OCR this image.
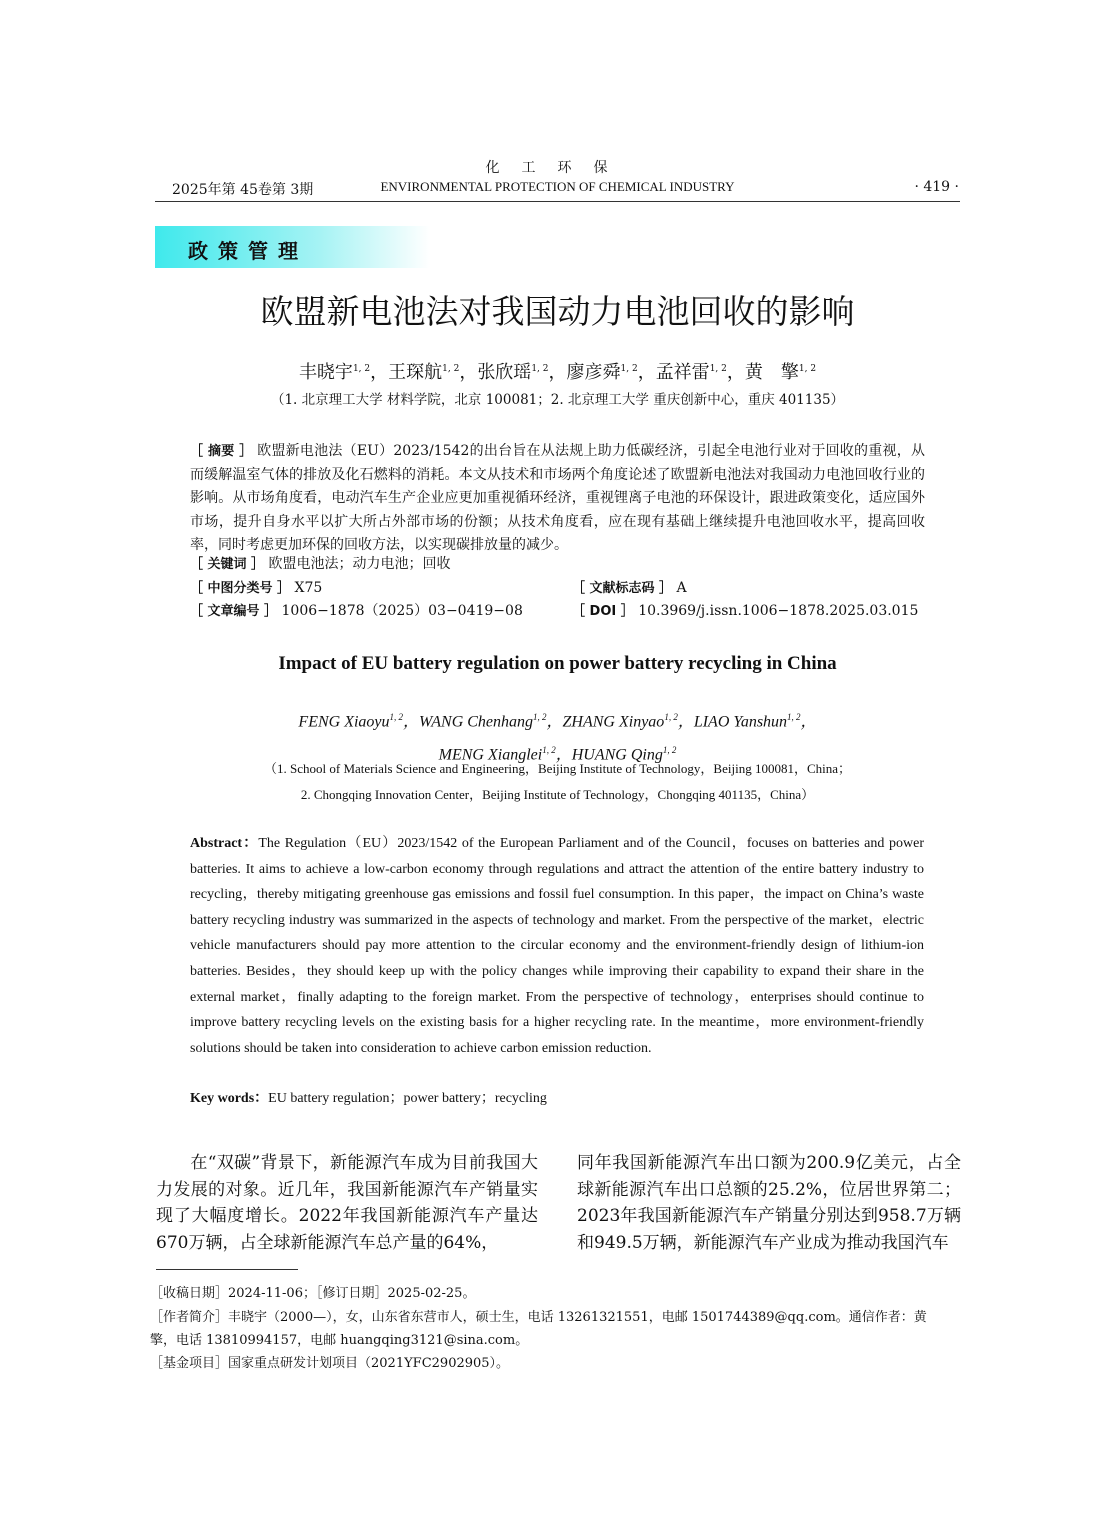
化工环保
2025年第 45卷第 3期	ENVIRONMENTAL PROTECTION OF CHEMICAL INDUSTRY	· 419 ·
政策管理
欧盟新电池法对我国动力电池回收的影响
丰晓宇$^{1, 2}$，王琛航$^{1, 2}$，张欣瑶$^{1, 2}$，廖彦舜$^{1, 2}$，孟祥雷$^{1, 2}$，黄　擎$^{1, 2}$
（1. 北京理工大学 材料学院，北京 100081；2. 北京理工大学 重庆创新中心，重庆 401135）
［ 摘要 ］ 欧盟新电池法（EU）2023/1542的出台旨在从法规上助力低碳经济，引起全电池行业对于回收的重视，从而缓解温室气体的排放及化石燃料的消耗。本文从技术和市场两个角度论述了欧盟新电池法对我国动力电池回收行业的影响。从市场角度看，电动汽车生产企业应更加重视循环经济，重视锂离子电池的环保设计，跟进政策变化，适应国外市场，提升自身水平以扩大所占外部市场的份额；从技术角度看，应在现有基础上继续提升电池回收水平，提高回收率，同时考虑更加环保的回收方法，以实现碳排放量的减少。
［ 关键词 ］ 欧盟电池法；动力电池；回收
［ 中图分类号 ］ X75	［ 文献标志码 ］ A
［ 文章编号 ］ 1006−1878（2025）03−0419−08	［ DOI ］ 10.3969/j.issn.1006−1878.2025.03.015
Impact of EU battery regulation on power battery recycling in China
FENG Xiaoyu$^{1, 2}$，WANG Chenhang$^{1, 2}$，ZHANG Xinyao$^{1, 2}$，LIAO Yanshun$^{1, 2}$，
MENG Xianglei$^{1, 2}$，HUANG Qing$^{1, 2}$
（1. School of Materials Science and Engineering，Beijing Institute of Technology，Beijing 100081，China；
2. Chongqing Innovation Center，Beijing Institute of Technology，Chongqing 401135，China）
Abstract：The Regulation（EU）2023/1542 of the European Parliament and of the Council，focuses on batteries and power batteries. It aims to achieve a low-carbon economy through regulations and attract the attention of the entire battery industry to recycling，thereby mitigating greenhouse gas emissions and fossil fuel consumption. In this paper，the impact on China’s waste battery recycling industry was summarized in the aspects of technology and market. From the perspective of the market，electric vehicle manufacturers should pay more attention to the circular economy and the environment-friendly design of lithium-ion batteries. Besides，they should keep up with the policy changes while improving their capability to expand their share in the external market，finally adapting to the foreign market. From the perspective of technology，enterprises should continue to improve battery recycling levels on the existing basis for a higher recycling rate. In the meantime，more environment-friendly solutions should be taken into consideration to achieve carbon emission reduction.
Key words：EU battery regulation；power battery；recycling
在“双碳”背景下，新能源汽车成为目前我国大力发展的对象。近几年，我国新能源汽车产销量实现了大幅度增长。2022年我国新能源汽车产量达670万辆，占全球新能源汽车总产量的64%，
同年我国新能源汽车出口额为200.9亿美元，占全球新能源汽车出口总额的25.2%，位居世界第二；2023年我国新能源汽车产销量分别达到958.7万辆和949.5万辆，新能源汽车产业成为推动我国汽车
［收稿日期］2024-11-06；［修订日期］2025-02-25。
［作者简介］丰晓宇（2000—），女，山东省东营市人，硕士生，电话 13261321551，电邮 1501744389@qq.com。通信作者：黄擎，电话 13810994157，电邮 huangqing3121@sina.com。
［基金项目］国家重点研发计划项目（2021YFC2902905）。
